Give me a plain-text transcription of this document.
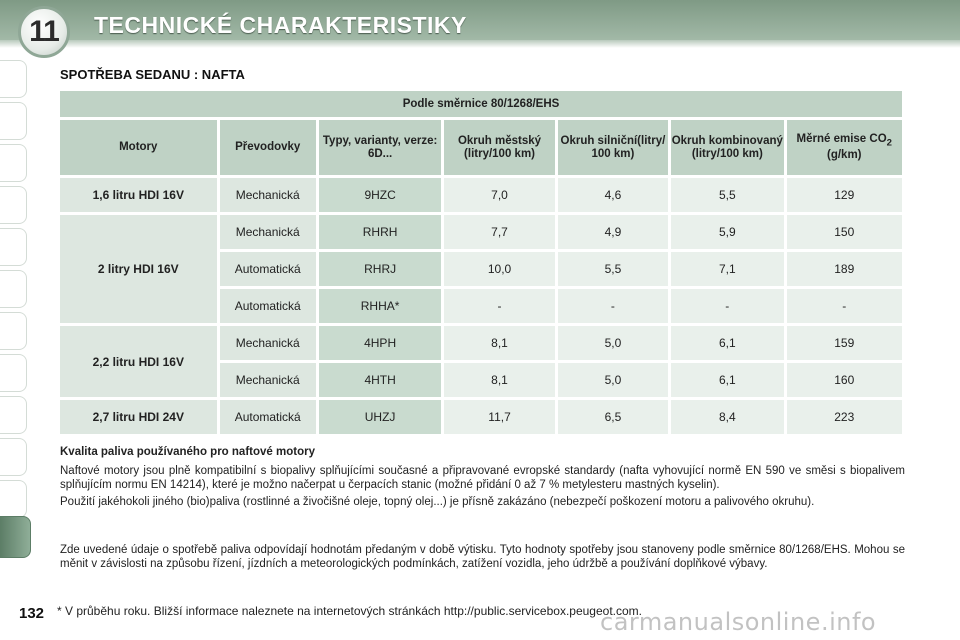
11	TECHNICKÉ CHARAKTERISTIKY
SPOTŘEBA SEDANU : NAFTA
Podle směrnice 80/1268/EHS						
Motory	Převodovky	Typy, varianty, verze: 6D...	Okruh městský (litry/100 km)	Okruh silniční(litry/ 100 km)	Okruh kombinovaný (litry/100 km)	Měrné emise $CO_2$ (g/km)
1,6 litru HDI 16V	Mechanická	9HZC	7,0	4,6	5,5	129
2 litry HDI 16V	Mechanická	RHRH	7,7	4,9	5,9	150
	Automatická	RHRJ	10,0	5,5	7,1	189
	Automatická	RHHA*	-	-	-	-
2,2 litru HDI 16V	Mechanická	4HPH	8,1	5,0	6,1	159
	Mechanická	4HTH	8,1	5,0	6,1	160
2,7 litru HDI 24V	Automatická	UHZJ	11,7	6,5	8,4	223
Kvalita paliva používaného pro naftové motory
Naftové motory jsou plně kompatibilní s biopalivy splňujícími současné a připravované evropské standardy (nafta vyhovující normě EN 590 ve směsi s biopalivem splňujícím normu EN 14214), které je možno načerpat u čerpacích stanic (možné přidání 0 až 7 % metylesteru mastných kyselin).
Použití jakéhokoli jiného (bio)paliva (rostlinné a živočišné oleje, topný olej...) je přísně zakázáno (nebezpečí poškození motoru a palivového okruhu).
Zde uvedené údaje o spotřebě paliva odpovídají hodnotám předaným v době výtisku. Tyto hodnoty spotřeby jsou stanoveny podle směrnice 80/1268/EHS. Mohou se měnit v závislosti na způsobu řízení, jízdních a meteorologických podmínkách, zatížení vozidla, jeho údržbě a používání doplňkové výbavy.
132 * V průběhu roku. Bližší informace naleznete na internetových stránkách http://public.servicebox.peugeot.com.
carmanualsonline.info
